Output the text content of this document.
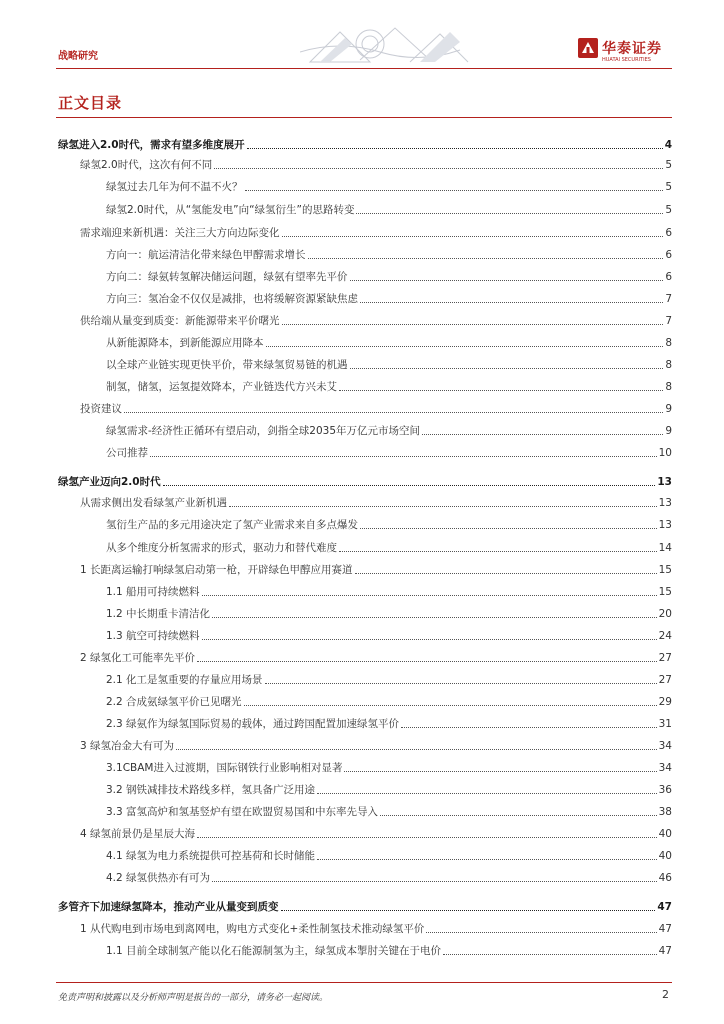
战略研究	华泰证券
HUATAI SECURITIES
正文目录
绿氢进入2.0时代，需求有望多维度展开	4
绿氢2.0时代，这次有何不同	5
绿氢过去几年为何不温不火？	5
绿氢2.0时代，从“氢能发电”向“绿氢衍生”的思路转变	5
需求端迎来新机遇：关注三大方向边际变化	6
方向一：航运清洁化带来绿色甲醇需求增长	6
方向二：绿氨转氢解决储运问题，绿氨有望率先平价	6
方向三：氢冶金不仅仅是减排，也将缓解资源紧缺焦虑	7
供给端从量变到质变：新能源带来平价曙光	7
从新能源降本，到新能源应用降本	8
以全球产业链实现更快平价，带来绿氢贸易链的机遇	8
制氢，储氢，运氢提效降本，产业链迭代方兴未艾	8
投资建议	9
绿氢需求-经济性正循环有望启动，剑指全球2035年万亿元市场空间	9
公司推荐	10
绿氢产业迈向2.0时代	13
从需求侧出发看绿氢产业新机遇	13
氢衍生产品的多元用途决定了氢产业需求来自多点爆发	13
从多个维度分析氢需求的形式，驱动力和替代难度	14
1 长距离运输打响绿氢启动第一枪，开辟绿色甲醇应用赛道	15
1.1 船用可持续燃料	15
1.2 中长期重卡清洁化	20
1.3 航空可持续燃料	24
2 绿氢化工可能率先平价	27
2.1 化工是氢重要的存量应用场景	27
2.2 合成氨绿氢平价已见曙光	29
2.3 绿氨作为绿氢国际贸易的载体，通过跨国配置加速绿氢平价	31
3 绿氢冶金大有可为	34
3.1CBAM进入过渡期，国际钢铁行业影响相对显著	34
3.2 钢铁减排技术路线多样，氢具备广泛用途	36
3.3 富氢高炉和氢基竖炉有望在欧盟贸易国和中东率先导入	38
4 绿氢前景仍是星辰大海	40
4.1 绿氢为电力系统提供可控基荷和长时储能	40
4.2 绿氢供热亦有可为	46
多管齐下加速绿氢降本，推动产业从量变到质变	47
1 从代购电到市场电到离网电，购电方式变化+柔性制氢技术推动绿氢平价	47
1.1 目前全球制氢产能以化石能源制氢为主，绿氢成本掣肘关键在于电价	47
免责声明和披露以及分析师声明是报告的一部分，请务必一起阅读。	2
